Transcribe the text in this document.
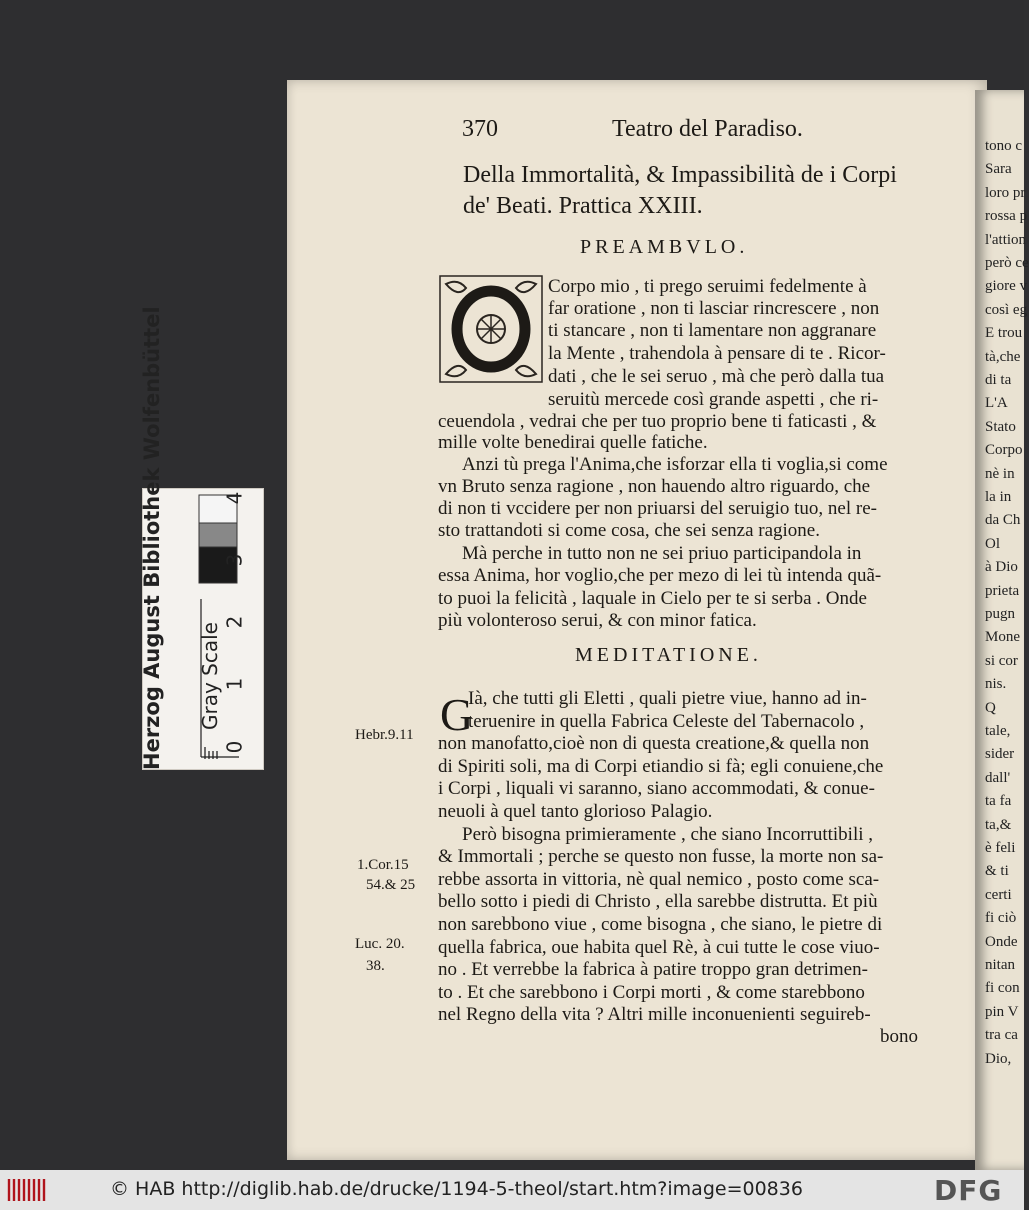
Herzog August Gray Scale
0
1
2
3
4
370	Teatro del Paradiso.
Della Immortalità, & Impassibilità de i Corpi
de' Beati. Prattica XXIII.
PREAMBVLO.
Corpo mio , ti prego seruimi fedelmente à
far oratione , non ti lasciar rincrescere , non
ti stancare , non ti lamentare non aggranare
la Mente , trahendola à pensare di te . Ricor-
dati , che le sei seruo , mà che però dalla tua
seruitù mercede così grande aspetti , che ri-
ceuendola , vedrai che per tuo proprio bene ti faticasti , &
mille volte benedirai quelle fatiche.
Anzi tù prega l'Anima,che isforzar ella ti voglia,si come
vn Bruto senza ragione , non hauendo altro riguardo, che
di non ti vccidere per non priuarsi del seruigio tuo, nel re-
sto trattandoti si come cosa, che sei senza ragione.
Mà perche in tutto non ne sei priuo participandola in
essa Anima, hor voglio,che per mezo di lei tù intenda quã-
to puoi la felicità , laquale in Cielo per te si serba . Onde
più volonteroso serui, & con minor fatica.
MEDITATIONE.
G
Ià, che tutti gli Eletti , quali pietre viue, hanno ad in-
teruenire in quella Fabrica Celeste del Tabernacolo ,
non manofatto,cioè non di questa creatione,& quella non
di Spiriti soli, ma di Corpi etiandio si fà; egli conuiene,che
i Corpi , liquali vi saranno, siano accommodati, & conue-
neuoli à quel tanto glorioso Palagio.
Però bisogna primieramente , che siano Incorruttibili ,
& Immortali ; perche se questo non fusse, la morte non sa-
rebbe assorta in vittoria, nè qual nemico , posto come sca-
bello sotto i piedi di Christo , ella sarebbe distrutta. Et più
non sarebbono viue , come bisogna , che siano, le pietre di
quella fabrica, oue habita quel Rè, à cui tutte le cose viuo-
no . Et verrebbe la fabrica à patire troppo gran detrimen-
to . Et che sarebbono i Corpi morti , & come starebbono
nel Regno della vita ? Altri mille inconuenienti seguireb-
Hebr.9.11
1.Cor.15
54.& 25
Luc. 20.
38.
bono
tono c
Sara
loro pr
rossa p
l'attion
però ce
giore v
così eg
E trou
tà,che
di ta
L'A
Stato
Corpo
nè in
la in
da Ch
Ol
à Dio
prieta
pugn
Mone
si cor
nis.
Q
tale,
sider
dall'
ta fa
ta,&
è feli
& ti
certi
fi ciò
Onde
nitan
fi con
pin V
tra ca
Dio,
© HAB http://diglib.hab.de/drucke/1194-5-theol/start.htm?image=00836	DFG
